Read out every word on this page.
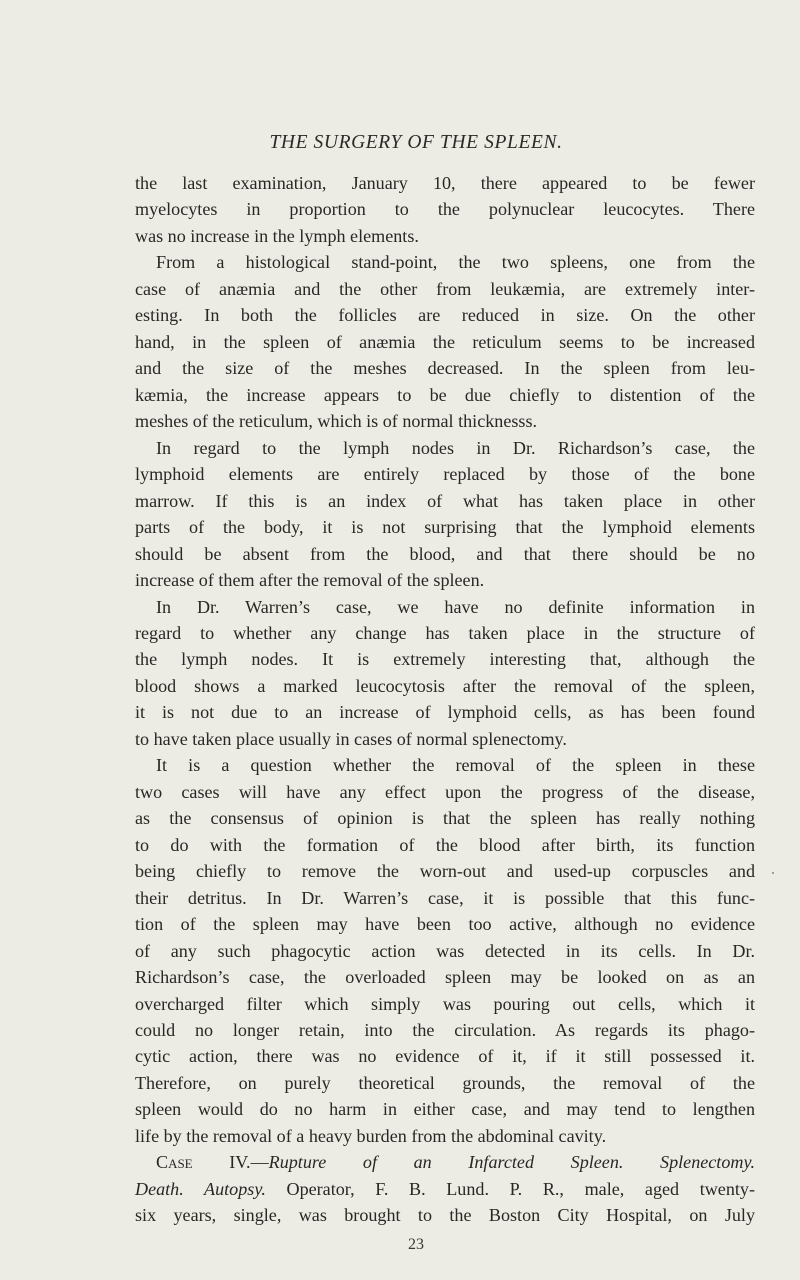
THE SURGERY OF THE SPLEEN.
the last examination, January 10, there appeared to be fewer
myelocytes in proportion to the polynuclear leucocytes. There
was no increase in the lymph elements.
From a histological stand-point, the two spleens, one from the
case of anæmia and the other from leukæmia, are extremely inter-
esting. In both the follicles are reduced in size. On the other
hand, in the spleen of anæmia the reticulum seems to be increased
and the size of the meshes decreased. In the spleen from leu-
kæmia, the increase appears to be due chiefly to distention of the
meshes of the reticulum, which is of normal thicknesss.
In regard to the lymph nodes in Dr. Richardson’s case, the
lymphoid elements are entirely replaced by those of the bone
marrow. If this is an index of what has taken place in other
parts of the body, it is not surprising that the lymphoid elements
should be absent from the blood, and that there should be no
increase of them after the removal of the spleen.
In Dr. Warren’s case, we have no definite information in
regard to whether any change has taken place in the structure of
the lymph nodes. It is extremely interesting that, although the
blood shows a marked leucocytosis after the removal of the spleen,
it is not due to an increase of lymphoid cells, as has been found
to have taken place usually in cases of normal splenectomy.
It is a question whether the removal of the spleen in these
two cases will have any effect upon the progress of the disease,
as the consensus of opinion is that the spleen has really nothing
to do with the formation of the blood after birth, its function
being chiefly to remove the worn-out and used-up corpuscles and
their detritus. In Dr. Warren’s case, it is possible that this func-
tion of the spleen may have been too active, although no evidence
of any such phagocytic action was detected in its cells. In Dr.
Richardson’s case, the overloaded spleen may be looked on as an
overcharged filter which simply was pouring out cells, which it
could no longer retain, into the circulation. As regards its phago-
cytic action, there was no evidence of it, if it still possessed it.
Therefore, on purely theoretical grounds, the removal of the
spleen would do no harm in either case, and may tend to lengthen
life by the removal of a heavy burden from the abdominal cavity.
Case IV.—Rupture of an Infarcted Spleen. Splenectomy.
Death. Autopsy. Operator, F. B. Lund. P. R., male, aged twenty-
six years, single, was brought to the Boston City Hospital, on July
23
